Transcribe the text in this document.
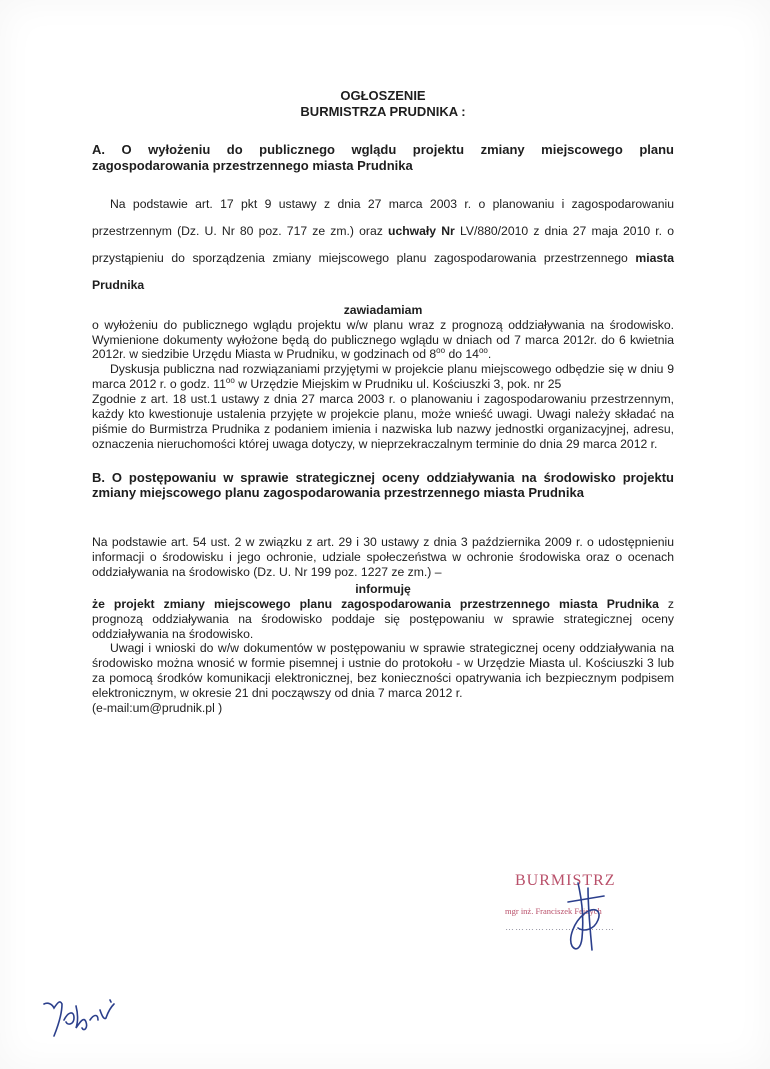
OGŁOSZENIE

BURMISTRZA PRUDNIKA :

A. O wyłożeniu do publicznego wglądu projektu zmiany miejscowego planu zagospodarowania przestrzennego miasta Prudnika

Na podstawie art. 17 pkt 9 ustawy z dnia 27 marca 2003 r. o planowaniu i zagospodarowaniu przestrzennym (Dz. U. Nr 80 poz. 717 ze zm.) oraz uchwały Nr LV/880/2010 z dnia 27 maja 2010 r. o przystąpieniu do sporządzenia zmiany miejscowego planu zagospodarowania przestrzennego miasta Prudnika

zawiadamiam

o wyłożeniu do publicznego wglądu projektu w/w planu wraz z prognozą oddziaływania na środowisko. Wymienione dokumenty wyłożone będą do publicznego wglądu w dniach od 7 marca 2012r. do 6 kwietnia 2012r. w siedzibie Urzędu Miasta w Prudniku, w godzinach od $8^{oo}$ do $14^{oo}$.

Dyskusja publiczna nad rozwiązaniami przyjętymi w projekcie planu miejscowego odbędzie się w dniu 9 marca 2012 r. o godz. $11^{oo}$ w Urzędzie Miejskim w Prudniku ul. Kościuszki 3, pok. nr 25

Zgodnie z art. 18 ust.1 ustawy z dnia 27 marca 2003 r. o planowaniu i zagospodarowaniu przestrzennym, każdy kto kwestionuje ustalenia przyjęte w projekcie planu, może wnieść uwagi. Uwagi należy składać na piśmie do Burmistrza Prudnika z podaniem imienia i nazwiska lub nazwy jednostki organizacyjnej, adresu, oznaczenia nieruchomości której uwaga dotyczy, w nieprzekraczalnym terminie do dnia 29 marca 2012 r.

B. O postępowaniu w sprawie strategicznej oceny oddziaływania na środowisko projektu zmiany miejscowego planu zagospodarowania przestrzennego miasta Prudnika

Na podstawie art. 54 ust. 2 w związku z art. 29 i 30 ustawy z dnia 3 października 2009 r. o udostępnieniu informacji o środowisku i jego ochronie, udziale społeczeństwa w ochronie środowiska oraz o ocenach oddziaływania na środowisko (Dz. U. Nr 199 poz. 1227 ze zm.) –

informuję

że projekt zmiany miejscowego planu zagospodarowania przestrzennego miasta Prudnika z prognozą oddziaływania na środowisko poddaje się postępowaniu w sprawie strategicznej oceny oddziaływania na środowisko.

Uwagi i wnioski do w/w dokumentów w postępowaniu w sprawie strategicznej oceny oddziaływania na środowisko można wnosić w formie pisemnej i ustnie do protokołu - w Urzędzie Miasta ul. Kościuszki 3 lub za pomocą środków komunikacji elektronicznej, bez konieczności opatrywania ich bezpiecznym podpisem elektronicznym, w okresie 21 dni począwszy od dnia 7 marca 2012 r.

(e-mail:um@prudnik.pl )

BURMISTRZ
mgr inż. Franciszek Fejdych
……………………………
